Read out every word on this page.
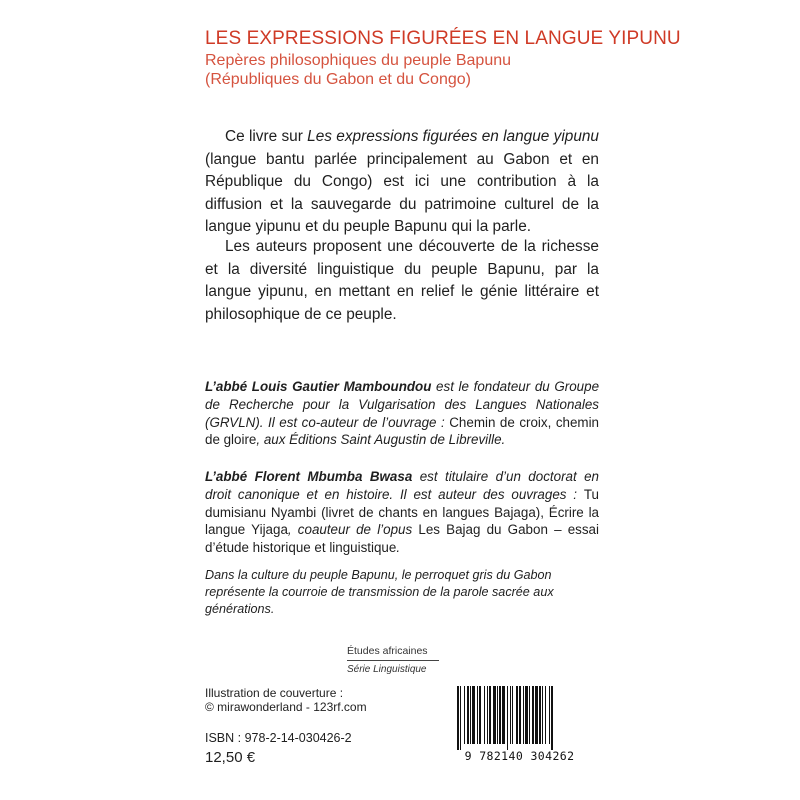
LES EXPRESSIONS FIGURÉES EN LANGUE YIPUNU
Repères philosophiques du peuple Bapunu
(Républiques du Gabon et du Congo)
Ce livre sur Les expressions figurées en langue yipunu (langue bantu parlée principalement au Gabon et en République du Congo) est ici une contribution à la diffusion et la sauvegarde du patrimoine culturel de la langue yipunu et du peuple Bapunu qui la parle.
Les auteurs proposent une découverte de la richesse et la diversité linguistique du peuple Bapunu, par la langue yipunu, en mettant en relief le génie littéraire et philosophique de ce peuple.
L’abbé Louis Gautier Mamboundou est le fondateur du Groupe de Recherche pour la Vulgarisation des Langues Nationales (GRVLN). Il est co-auteur de l’ouvrage : Chemin de croix, chemin de gloire, aux Éditions Saint Augustin de Libreville.
L’abbé Florent Mbumba Bwasa est titulaire d’un doctorat en droit canonique et en histoire. Il est auteur des ouvrages : Tu dumisianu Nyambi (livret de chants en langues Bajaga), Écrire la langue Yijaga, coauteur de l’opus Les Bajag du Gabon – essai d’étude historique et linguistique.
Dans la culture du peuple Bapunu, le perroquet gris du Gabon représente la courroie de transmission de la parole sacrée aux générations.
Études africaines
Série Linguistique
Illustration de couverture :
© mirawonderland - 123rf.com
ISBN : 978-2-14-030426-2
12,50 €	9 782140 304262
